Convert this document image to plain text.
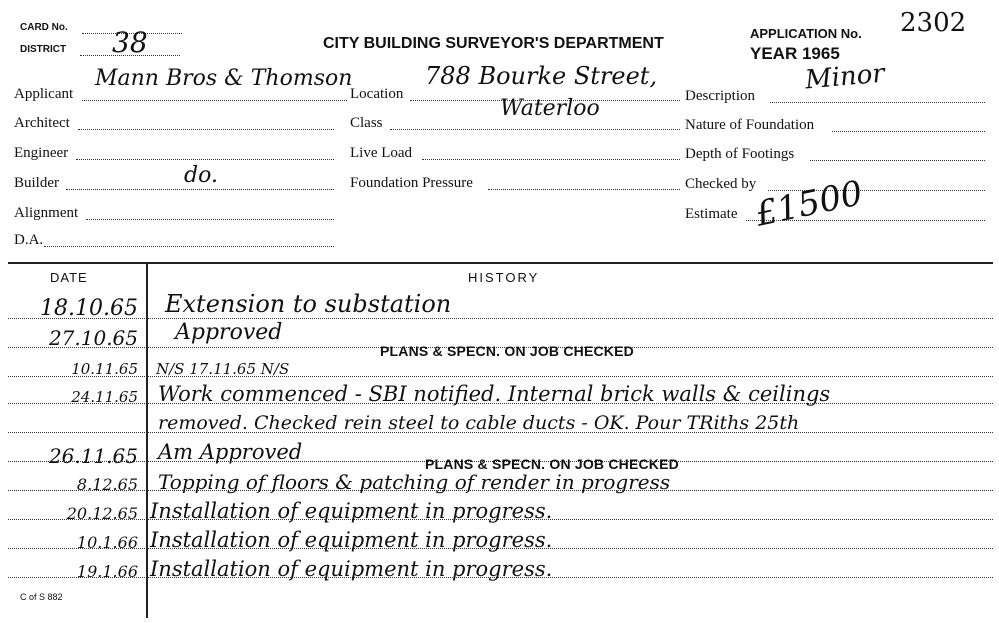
CARD No.
DISTRICT 38	CITY BUILDING SURVEYOR'S DEPARTMENT
APPLICATION No. 2302
YEAR 1965
Applicant
Mann Bros & Thomson
Architect
Engineer
Builder	do.
Alignment
D.A.
Location
788 Bourke Street,
Waterloo
Class
Live Load
Foundation Pressure
Description
Minor
Nature of Foundation
Depth of Footings
Checked by
Estimate £1500
DATE	HISTORY
18.10.65 Extension to substation
27.10.65 Approved
PLANS & SPECN. ON JOB CHECKED
10.11.65 N/S 17.11.65 N/S
24.11.65 Work commenced - SBI notified. Internal brick walls & ceilings
removed. Checked rein steel to cable ducts - OK. Pour TRiths 25th
26.11.65 Am Approved	PLANS & SPECN. ON JOB CHECKED
8.12.65 Topping of floors & patching of render in progress
20.12.65 Installation of equipment in progress.
10.1.66 Installation of equipment in progress.
19.1.66 Installation of equipment in progress.
C of S 882
